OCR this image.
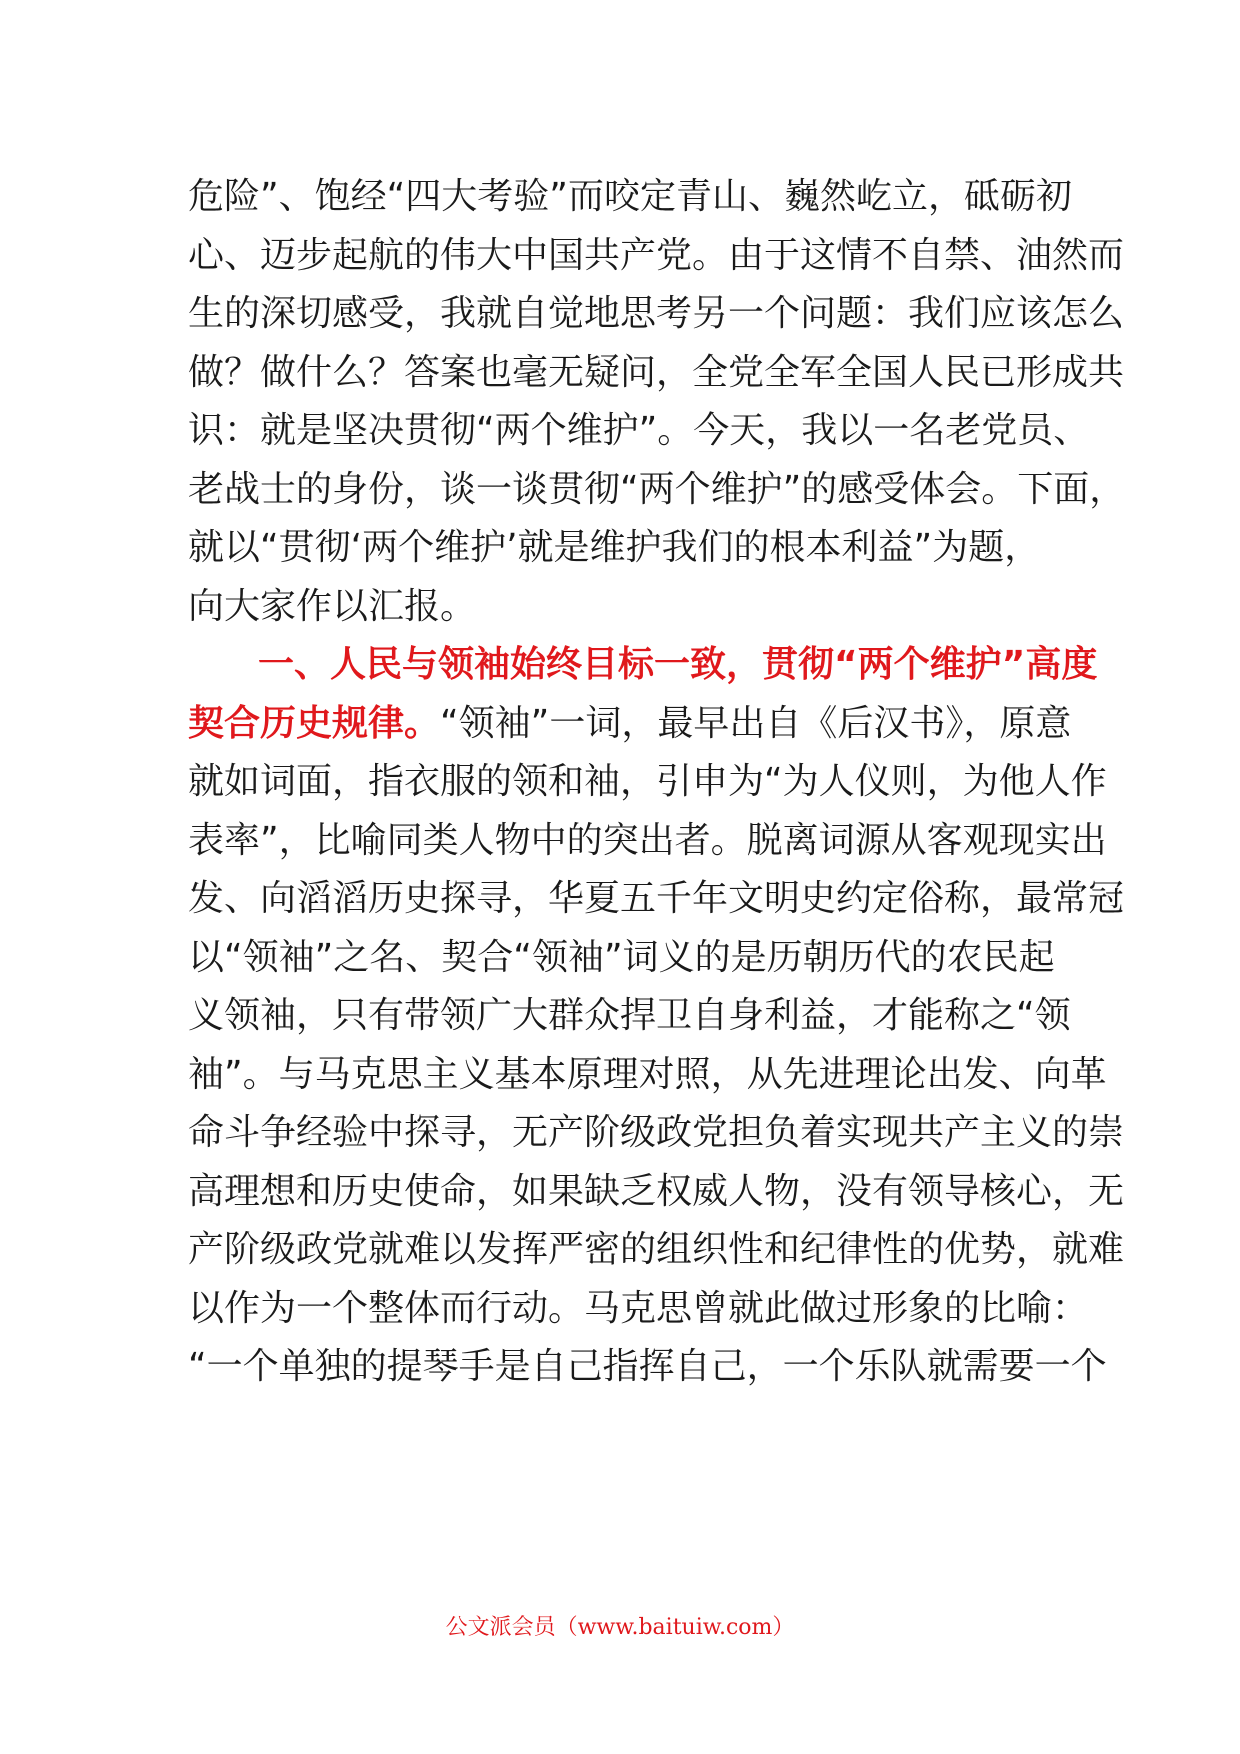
危险”、饱经“四大考验”而咬定青山、巍然屹立，砥砺初
心、迈步起航的伟大中国共产党。由于这情不自禁、油然而
生的深切感受，我就自觉地思考另一个问题：我们应该怎么
做？做什么？答案也毫无疑问，全党全军全国人民已形成共
识：就是坚决贯彻“两个维护”。今天，我以一名老党员、
老战士的身份，谈一谈贯彻“两个维护”的感受体会。下面，
就以“贯彻‘两个维护’就是维护我们的根本利益”为题，
向大家作以汇报。
一、人民与领袖始终目标一致，贯彻“两个维护”高度
契合历史规律。“领袖”一词，最早出自《后汉书》，原意
就如词面，指衣服的领和袖，引申为“为人仪则，为他人作
表率”，比喻同类人物中的突出者。脱离词源从客观现实出
发、向滔滔历史探寻，华夏五千年文明史约定俗称，最常冠
以“领袖”之名、契合“领袖”词义的是历朝历代的农民起
义领袖，只有带领广大群众捍卫自身利益，才能称之“领
袖”。与马克思主义基本原理对照，从先进理论出发、向革
命斗争经验中探寻，无产阶级政党担负着实现共产主义的崇
高理想和历史使命，如果缺乏权威人物，没有领导核心，无
产阶级政党就难以发挥严密的组织性和纪律性的优势，就难
以作为一个整体而行动。马克思曾就此做过形象的比喻：
“一个单独的提琴手是自己指挥自己，一个乐队就需要一个
公文派会员（www.baituiw.com）
